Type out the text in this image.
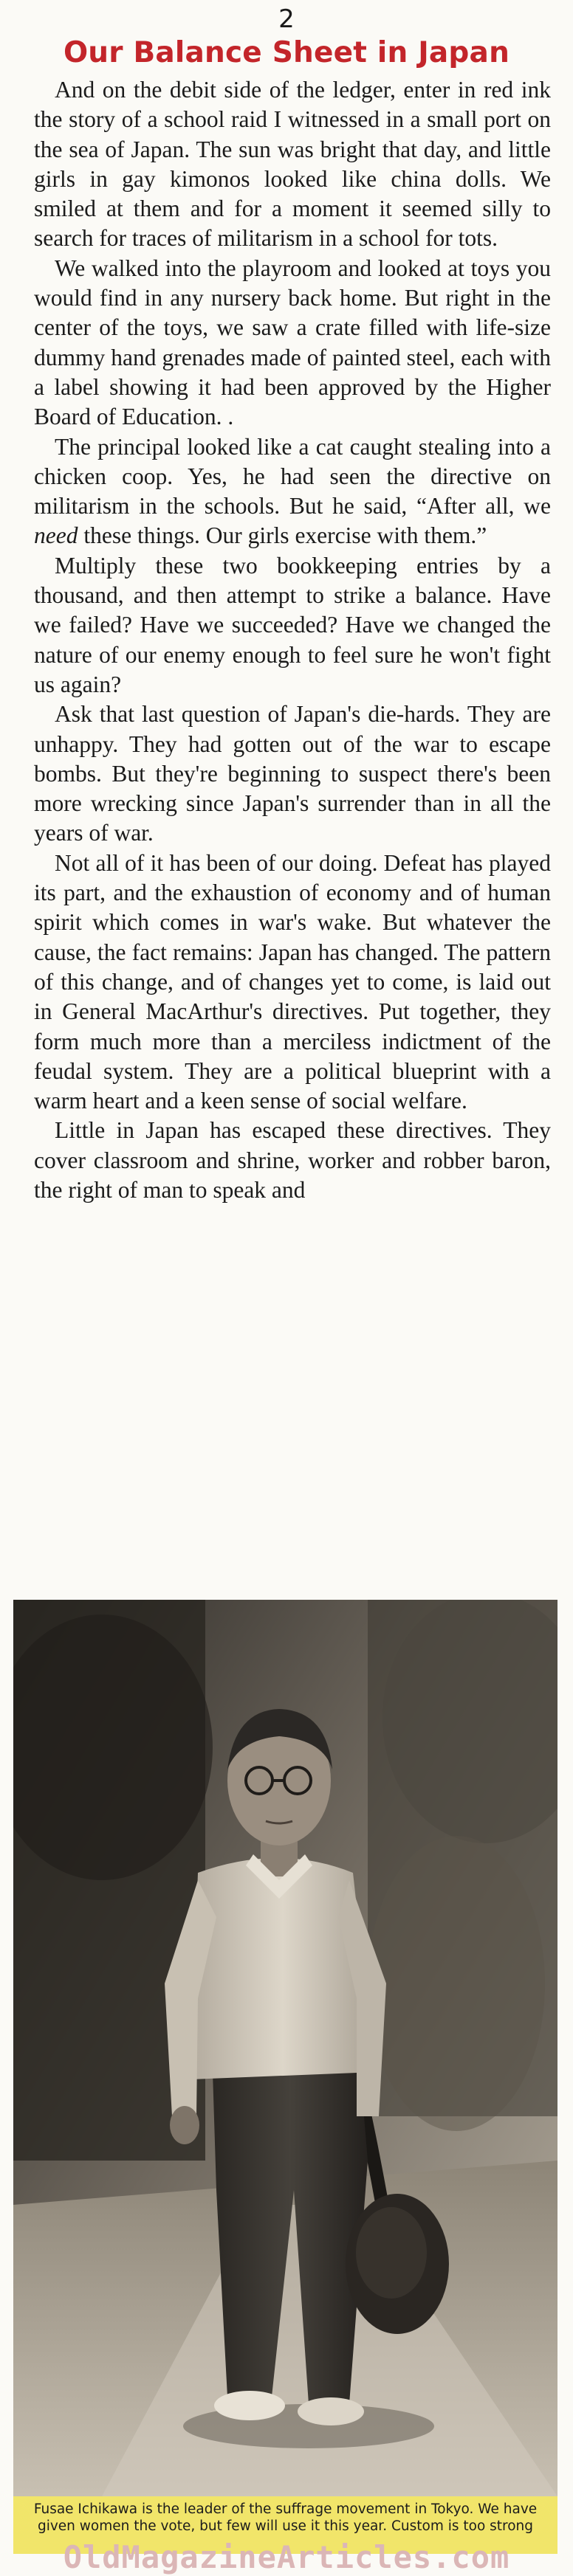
2
Our Balance Sheet in Japan

And on the debit side of the ledger, enter in red ink the story of a school raid I witnessed in a small port on the sea of Japan. The sun was bright that day, and little girls in gay kimonos looked like china dolls. We smiled at them and for a moment it seemed silly to search for traces of militarism in a school for tots.

We walked into the playroom and looked at toys you would find in any nursery back home. But right in the center of the toys, we saw a crate filled with life-size dummy hand grenades made of painted steel, each with a label showing it had been approved by the Higher Board of Education. .

The principal looked like a cat caught stealing into a chicken coop. Yes, he had seen the directive on militarism in the schools. But he said, “After all, we need these things. Our girls exercise with them.”

Multiply these two bookkeeping entries by a thousand, and then attempt to strike a balance. Have we failed? Have we succeeded? Have we changed the nature of our enemy enough to feel sure he won't fight us again?

Ask that last question of Japan's die-hards. They are unhappy. They had gotten out of the war to escape bombs. But they're beginning to suspect there's been more wrecking since Japan's surrender than in all the years of war.

Not all of it has been of our doing. Defeat has played its part, and the exhaustion of economy and of human spirit which comes in war's wake. But whatever the cause, the fact remains: Japan has changed. The pattern of this change, and of changes yet to come, is laid out in General MacArthur's directives. Put together, they form much more than a merciless indictment of the feudal system. They are a political blueprint with a warm heart and a keen sense of social welfare.

Little in Japan has escaped these directives. They cover classroom and shrine, worker and robber baron, the right of man to speak and

Fusae Ichikawa is the leader of the suffrage movement in Tokyo. We have given women the vote, but few will use it this year. Custom is too strong
OldMagazineArticles.com
